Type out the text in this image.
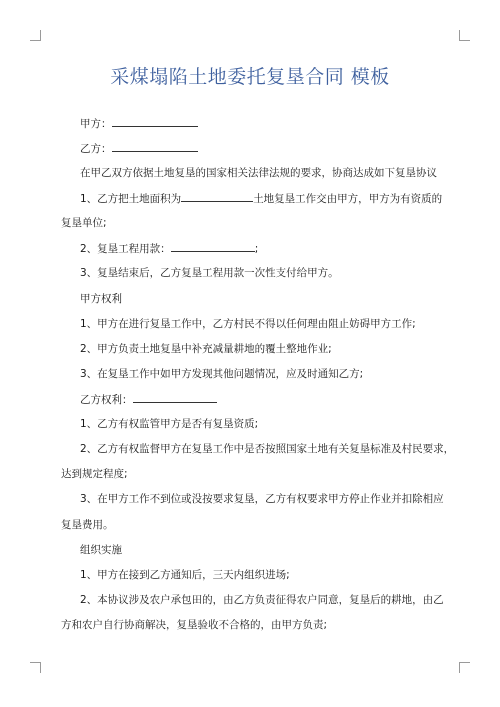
采煤塌陷土地委托复垦合同 模板
甲方：
乙方：
在甲乙双方依据土地复垦的国家相关法律法规的要求，协商达成如下复垦协议
1、乙方把土地面积为	土地复垦工作交由甲方，甲方为有资质的
复垦单位;
2、复垦工程用款：	;
3、复垦结束后，乙方复垦工程用款一次性支付给甲方。
甲方权利
1、甲方在进行复垦工作中，乙方村民不得以任何理由阻止妨碍甲方工作;
2、甲方负责土地复垦中补充减量耕地的覆土整地作业;
3、在复垦工作中如甲方发现其他问题情况，应及时通知乙方;
乙方权利：
1、乙方有权监管甲方是否有复垦资质;
2、乙方有权监督甲方在复垦工作中是否按照国家土地有关复垦标准及村民要求，
达到规定程度;
3、在甲方工作不到位或没按要求复垦，乙方有权要求甲方停止作业并扣除相应
复垦费用。
组织实施
1、甲方在接到乙方通知后，三天内组织进场;
2、本协议涉及农户承包田的，由乙方负责征得农户同意，复垦后的耕地，由乙
方和农户自行协商解决，复垦验收不合格的，由甲方负责;
